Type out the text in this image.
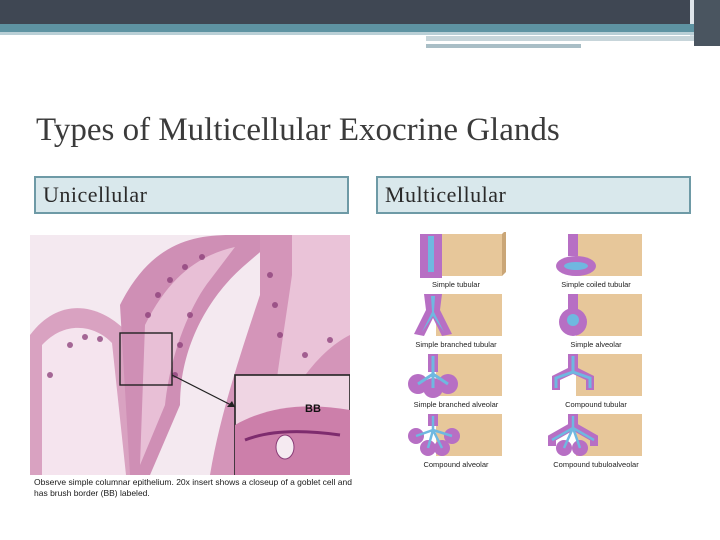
Types of Multicellular Exocrine Glands
Unicellular	Multicellular
BB
Observe simple columnar epithelium. 20x insert shows a closeup of a goblet cell and has brush border (BB) labeled.
Simple tubular	Simple coiled tubular
Simple branched tubular	Simple alveolar
Simple branched alveolar	Compound tubular
Compound alveolar	Compound tubuloalveolar
